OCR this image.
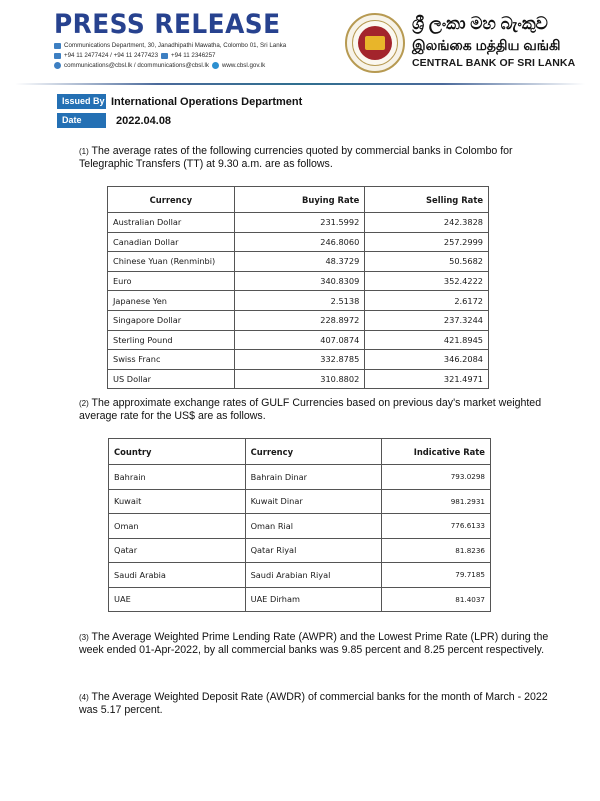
PRESS RELEASE
Communications Department, 30, Janadhipathi Mawatha, Colombo 01, Sri Lanka
+94 11 2477424 / +94 11 2477423 +94 11 2346257
communications@cbsl.lk / dcommunications@cbsl.lk www.cbsl.gov.lk
ශ්‍රී ලංකා මහ බැංකුව
இலங்கை மத்திய வங்கி
CENTRAL BANK OF SRI LANKA
Issued By International Operations Department
Date	2022.04.08
(1) The average rates of the following currencies quoted by commercial banks in Colombo for Telegraphic Transfers (TT) at 9.30 a.m. are as follows.
Currency	Buying Rate	Selling Rate
Australian Dollar	231.5992	242.3828
Canadian Dollar	246.8060	257.2999
Chinese Yuan (Renminbi)	48.3729	50.5682
Euro	340.8309	352.4222
Japanese Yen	2.5138	2.6172
Singapore Dollar	228.8972	237.3244
Sterling Pound	407.0874	421.8945
Swiss Franc	332.8785	346.2084
US Dollar	310.8802	321.4971
(2) The approximate exchange rates of GULF Currencies based on previous day's market weighted average rate for the US$ are as follows.
Country	Currency	Indicative Rate
Bahrain	Bahrain Dinar	793.0298
Kuwait	Kuwait Dinar	981.2931
Oman	Oman Rial	776.6133
Qatar	Qatar Riyal	81.8236
Saudi Arabia	Saudi Arabian Riyal	79.7185
UAE	UAE Dirham	81.4037
(3) The Average Weighted Prime Lending Rate (AWPR) and the Lowest Prime Rate (LPR) during the week ended 01-Apr-2022, by all commercial banks was 9.85 percent and 8.25 percent respectively.
(4) The Average Weighted Deposit Rate (AWDR) of commercial banks for the month of March - 2022 was 5.17 percent.
